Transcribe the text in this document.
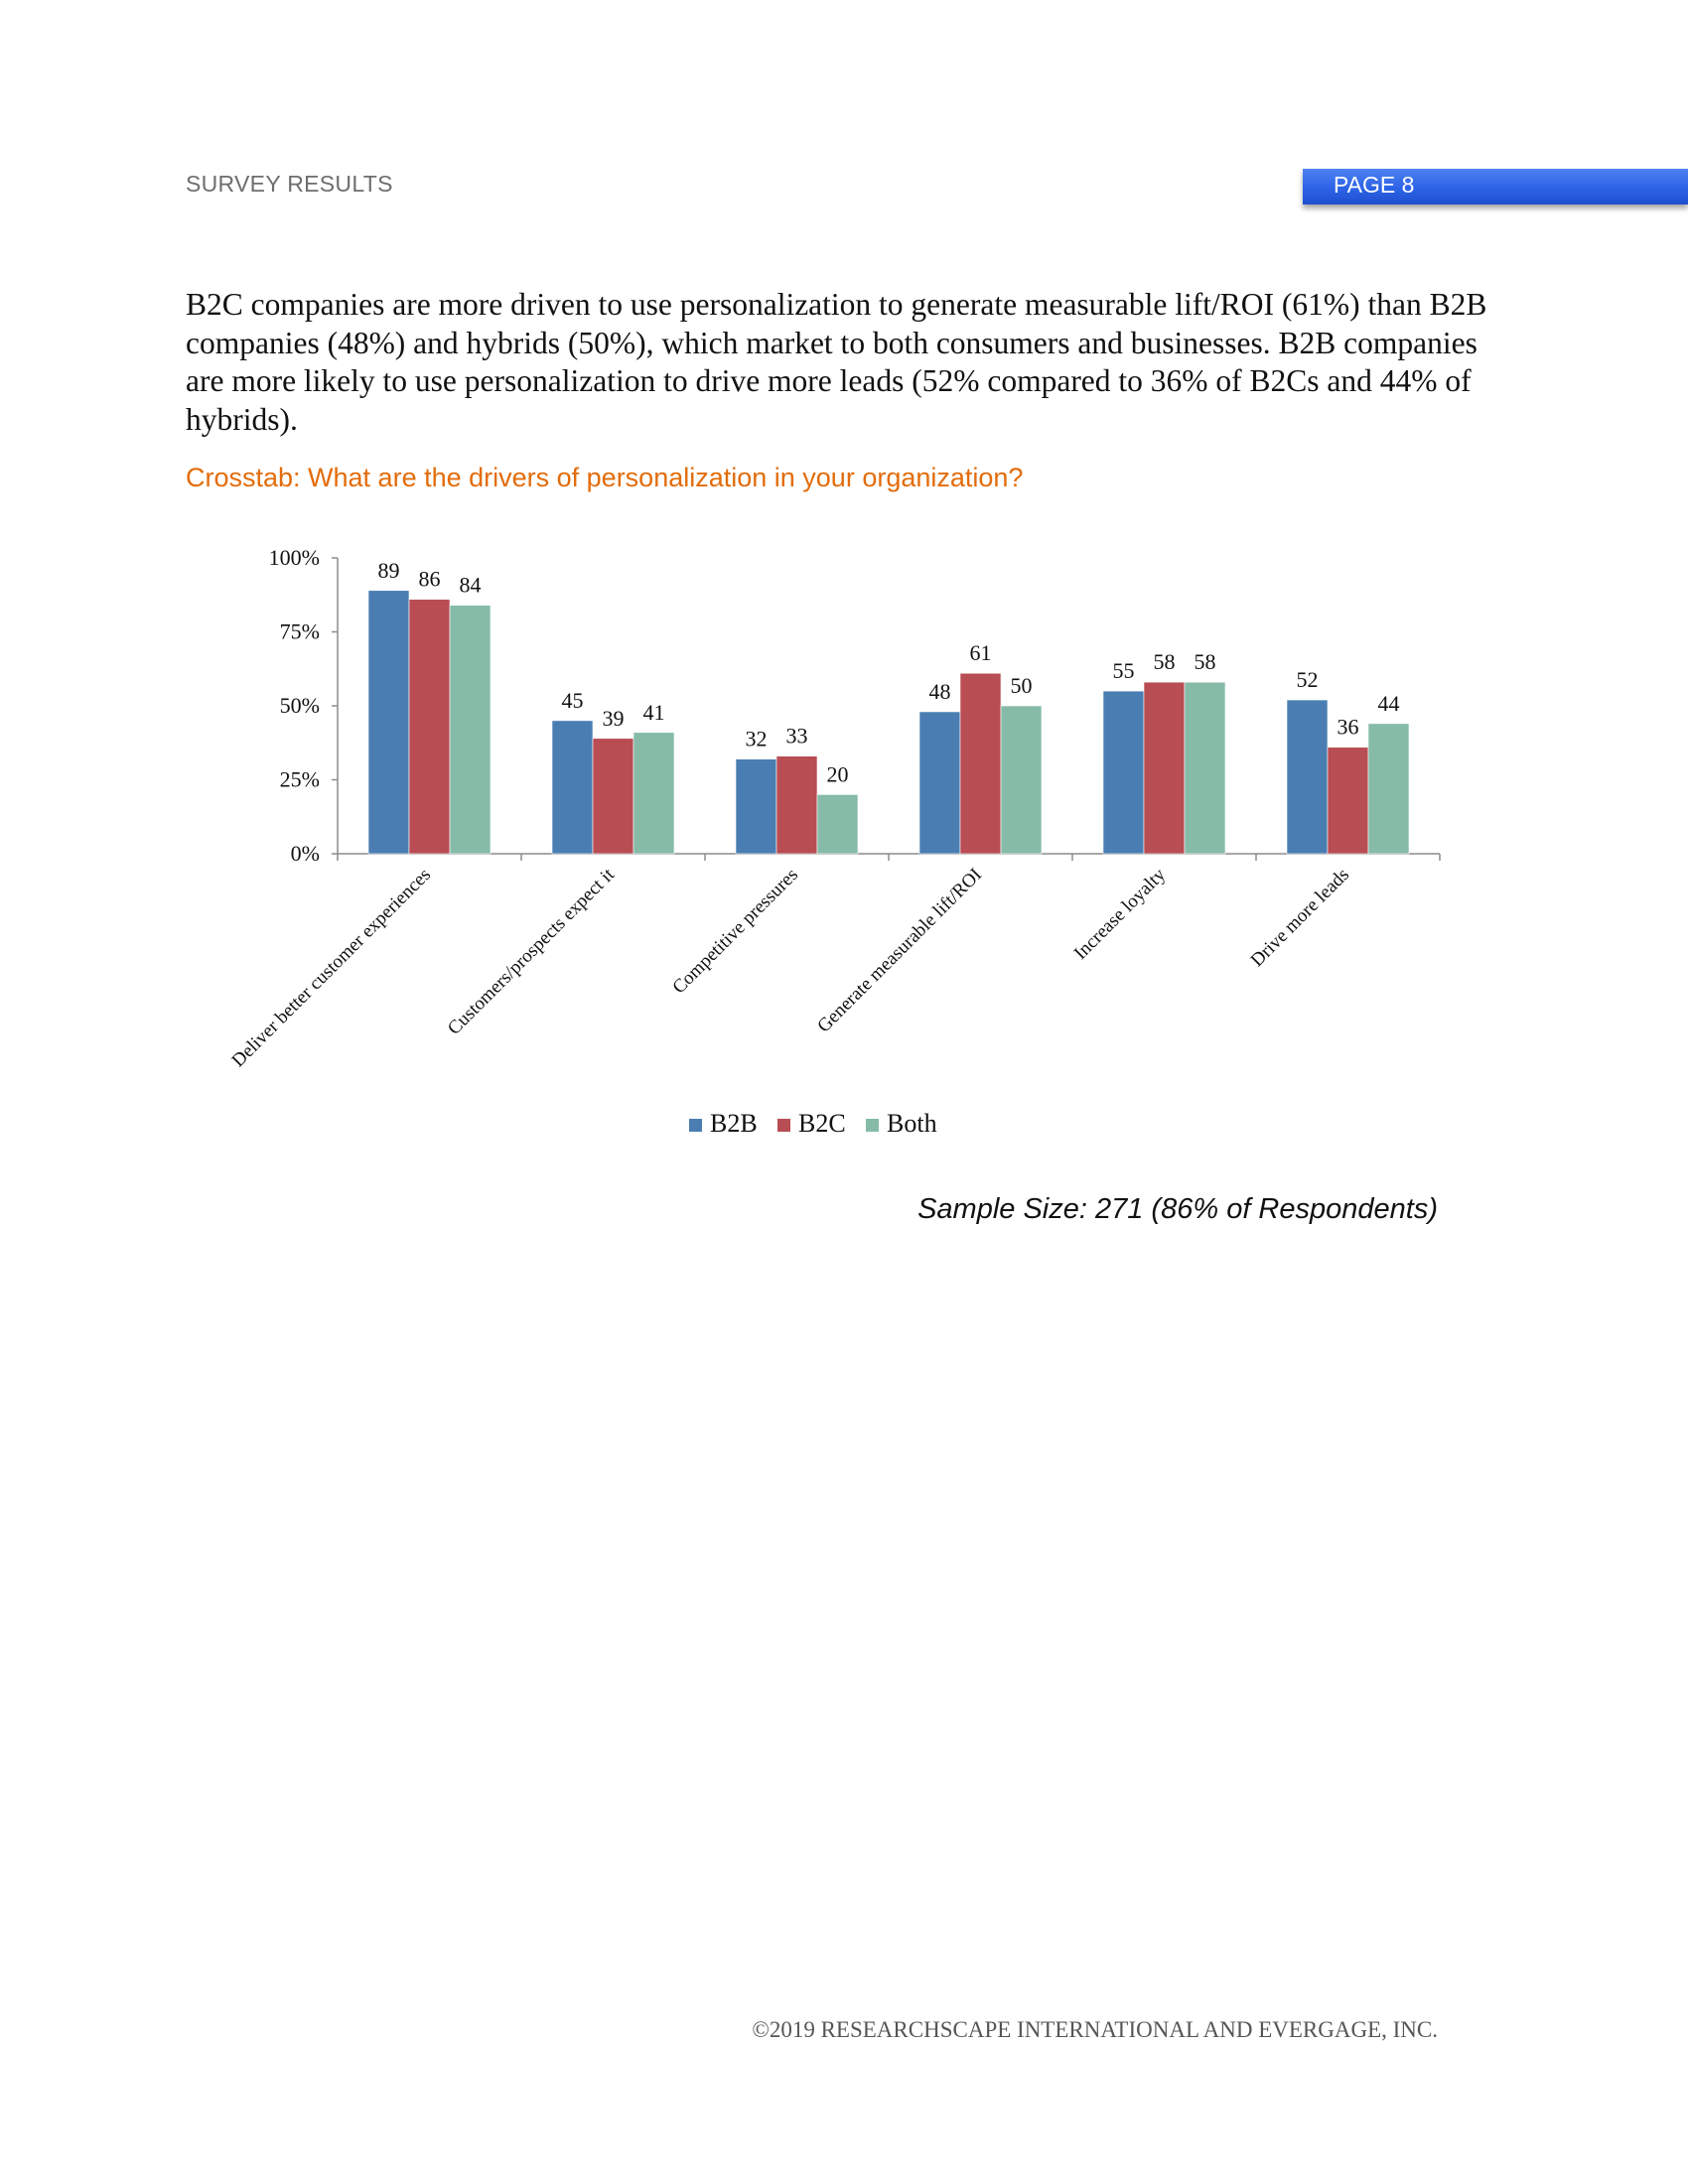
SURVEY RESULTS	PAGE 8
B2C companies are more driven to use personalization to generate measurable lift/ROI (61%) than B2B companies (48%) and hybrids (50%), which market to both consumers and businesses. B2B companies are more likely to use personalization to drive more leads (52% compared to 36% of B2Cs and 44% of hybrids).
Crosstab: What are the drivers of personalization in your organization?
0%
25%
50%
75%
100%
89 86 84
Deliver better customer experiences
45
39 41
Customers/prospects expect it
32 33
20
Competitive pressures
48
61
50
Generate measurable lift/ROI
55 58 58
Increase loyalty
52
36
44
Drive more leads
B2B B2C Both
Sample Size: 271 (86% of Respondents)
©2019 RESEARCHSCAPE INTERNATIONAL AND EVERGAGE, INC.
